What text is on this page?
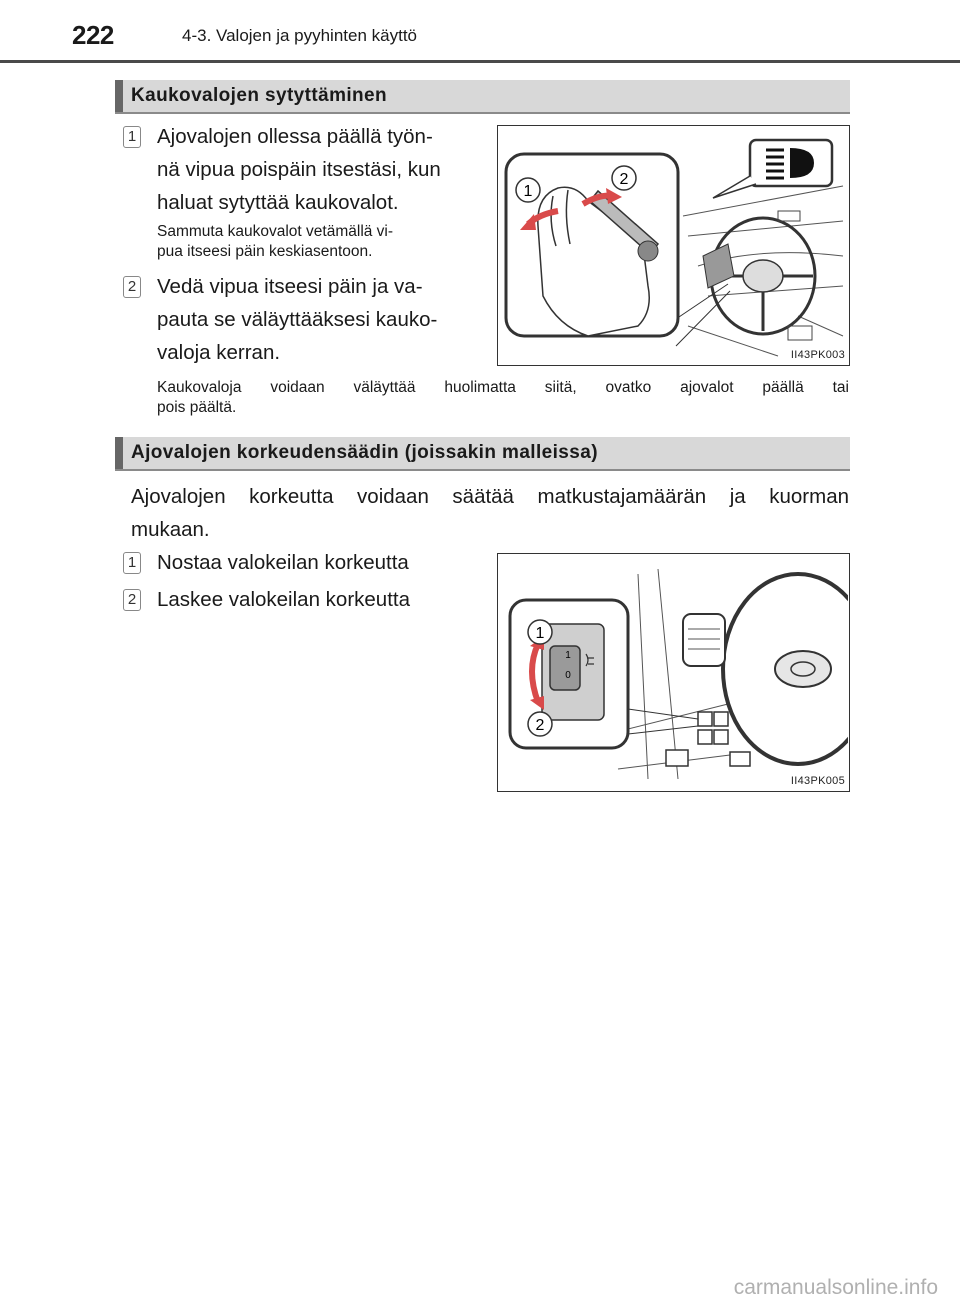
222	4-3. Valojen ja pyyhinten käyttö
Kaukovalojen sytyttäminen
1 Ajovalojen ollessa päällä työn-
nä vipua poispäin itsestäsi, kun
haluat sytyttää kaukovalot.
Sammuta kaukovalot vetämällä vi-
pua itseesi päin keskiasentoon.
2 Vedä vipua itseesi päin ja va-
pauta se väläyttääksesi kauko-
valoja kerran.
1
2
II43PK003
Kaukovaloja voidaan väläyttää huolimatta siitä, ovatko ajovalot päällä tai
pois päältä.
Ajovalojen korkeudensäädin (joissakin malleissa)
Ajovalojen korkeutta voidaan säätää matkustajamäärän ja kuorman
mukaan.
1 Nostaa valokeilan korkeutta
2 Laskee valokeilan korkeutta
1
0
1
2
II43PK005
carmanualsonline.info
